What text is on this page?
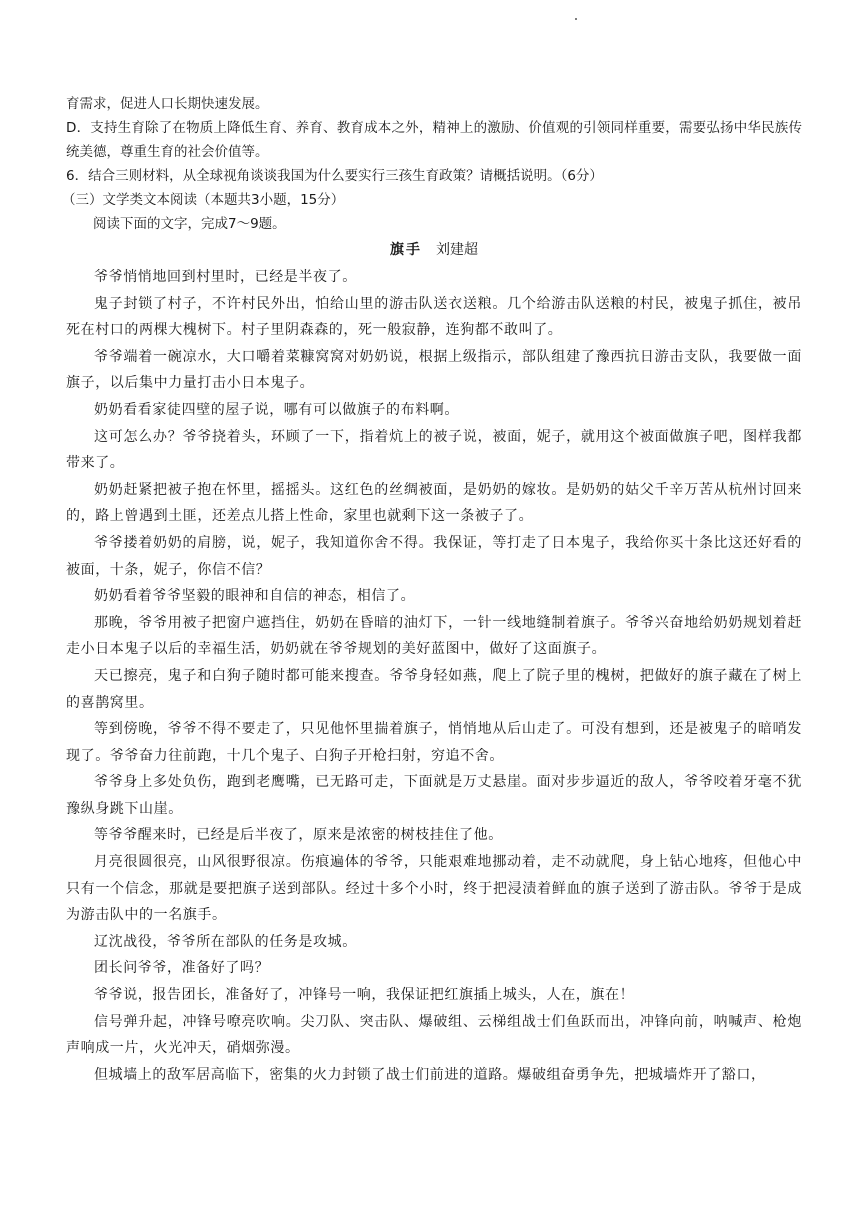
育需求，促进人口长期快速发展。

D．支持生育除了在物质上降低生育、养育、教育成本之外，精神上的激励、价值观的引领同样重要，需要弘扬中华民族传统美德，尊重生育的社会价值等。

6．结合三则材料，从全球视角谈谈我国为什么要实行三孩生育政策？请概括说明。（6分）

（三）文学类文本阅读（本题共3小题，15分）

阅读下面的文字，完成7～9题。

旗手 刘建超

爷爷悄悄地回到村里时，已经是半夜了。

鬼子封锁了村子，不许村民外出，怕给山里的游击队送衣送粮。几个给游击队送粮的村民，被鬼子抓住，被吊死在村口的两棵大槐树下。村子里阴森森的，死一般寂静，连狗都不敢叫了。

爷爷端着一碗凉水，大口嚼着菜糠窝窝对奶奶说，根据上级指示，部队组建了豫西抗日游击支队，我要做一面旗子，以后集中力量打击小日本鬼子。

奶奶看看家徒四壁的屋子说，哪有可以做旗子的布料啊。

这可怎么办？爷爷挠着头，环顾了一下，指着炕上的被子说，被面，妮子，就用这个被面做旗子吧，图样我都带来了。

奶奶赶紧把被子抱在怀里，摇摇头。这红色的丝绸被面，是奶奶的嫁妆。是奶奶的姑父千辛万苦从杭州讨回来的，路上曾遇到土匪，还差点儿搭上性命，家里也就剩下这一条被子了。

爷爷搂着奶奶的肩膀，说，妮子，我知道你舍不得。我保证，等打走了日本鬼子，我给你买十条比这还好看的被面，十条，妮子，你信不信？

奶奶看着爷爷坚毅的眼神和自信的神态，相信了。

那晚，爷爷用被子把窗户遮挡住，奶奶在昏暗的油灯下，一针一线地缝制着旗子。爷爷兴奋地给奶奶规划着赶走小日本鬼子以后的幸福生活，奶奶就在爷爷规划的美好蓝图中，做好了这面旗子。

天已擦亮，鬼子和白狗子随时都可能来搜查。爷爷身轻如燕，爬上了院子里的槐树，把做好的旗子藏在了树上的喜鹊窝里。

等到傍晚，爷爷不得不要走了，只见他怀里揣着旗子，悄悄地从后山走了。可没有想到，还是被鬼子的暗哨发现了。爷爷奋力往前跑，十几个鬼子、白狗子开枪扫射，穷追不舍。

爷爷身上多处负伤，跑到老鹰嘴，已无路可走，下面就是万丈悬崖。面对步步逼近的敌人，爷爷咬着牙毫不犹豫纵身跳下山崖。

等爷爷醒来时，已经是后半夜了，原来是浓密的树枝挂住了他。

月亮很圆很亮，山风很野很凉。伤痕遍体的爷爷，只能艰难地挪动着，走不动就爬，身上钻心地疼，但他心中只有一个信念，那就是要把旗子送到部队。经过十多个小时，终于把浸渍着鲜血的旗子送到了游击队。爷爷于是成为游击队中的一名旗手。

辽沈战役，爷爷所在部队的任务是攻城。

团长问爷爷，准备好了吗？

爷爷说，报告团长，准备好了，冲锋号一响，我保证把红旗插上城头，人在，旗在！

信号弹升起，冲锋号嘹亮吹响。尖刀队、突击队、爆破组、云梯组战士们鱼跃而出，冲锋向前，呐喊声、枪炮声响成一片，火光冲天，硝烟弥漫。

但城墙上的敌军居高临下，密集的火力封锁了战士们前进的道路。爆破组奋勇争先，把城墙炸开了豁口，
